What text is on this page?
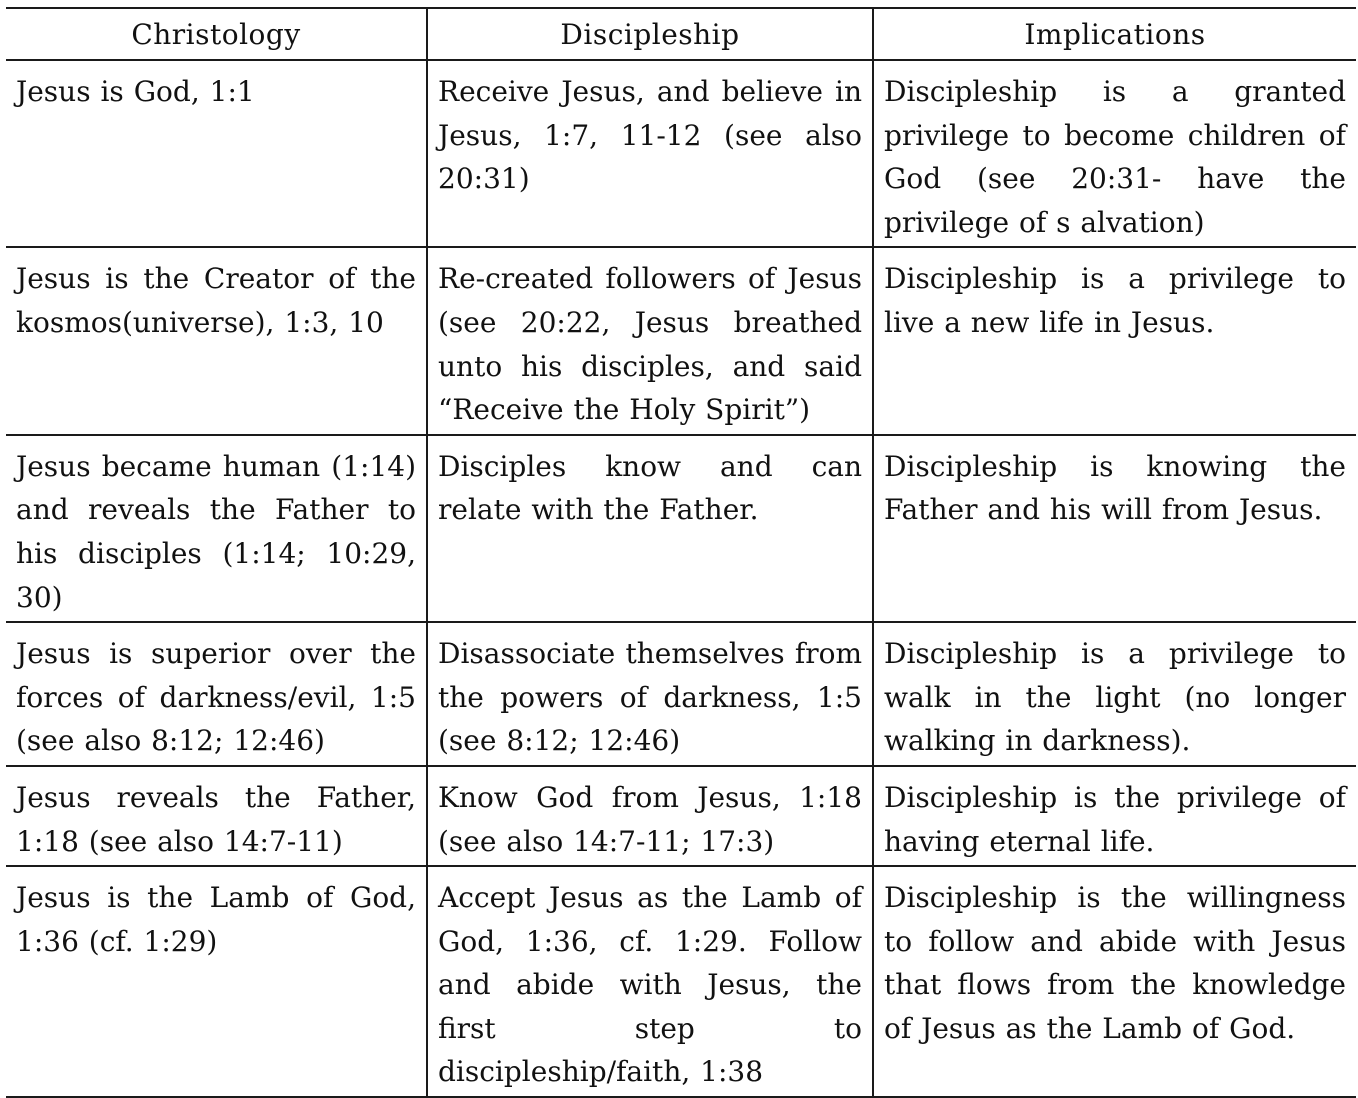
Christology	Discipleship	Implications
Jesus is God, 1:1	Receive Jesus, and believe in Jesus, 1:7, 11-12 (see also 20:31)	Discipleship is a granted privilege to become children of God (see 20:31- have the privilege of s alvation)
Jesus is the Creator of the kosmos(universe), 1:3, 10	Re-created followers of Jesus (see 20:22, Jesus breathed unto his disciples, and said “Receive the Holy Spirit”)	Discipleship is a privilege to live a new life in Jesus.
Jesus became human (1:14) and reveals the Father to his disciples (1:14; 10:29, 30)	Disciples know and can relate with the Father.	Discipleship is knowing the Father and his will from Jesus.
Jesus is superior over the forces of darkness/evil, 1:5 (see also 8:12; 12:46)	Disassociate themselves from the powers of darkness, 1:5 (see 8:12; 12:46)	Discipleship is a privilege to walk in the light (no longer walking in darkness).
Jesus reveals the Father, 1:18 (see also 14:7-11)	Know God from Jesus, 1:18 (see also 14:7-11; 17:3)	Discipleship is the privilege of having eternal life.
Jesus is the Lamb of God, 1:36 (cf. 1:29)	Accept Jesus as the Lamb of God, 1:36, cf. 1:29. Follow and abide with Jesus, the first step to discipleship/faith, 1:38	Discipleship is the willingness to follow and abide with Jesus that flows from the knowledge of Jesus as the Lamb of God.
